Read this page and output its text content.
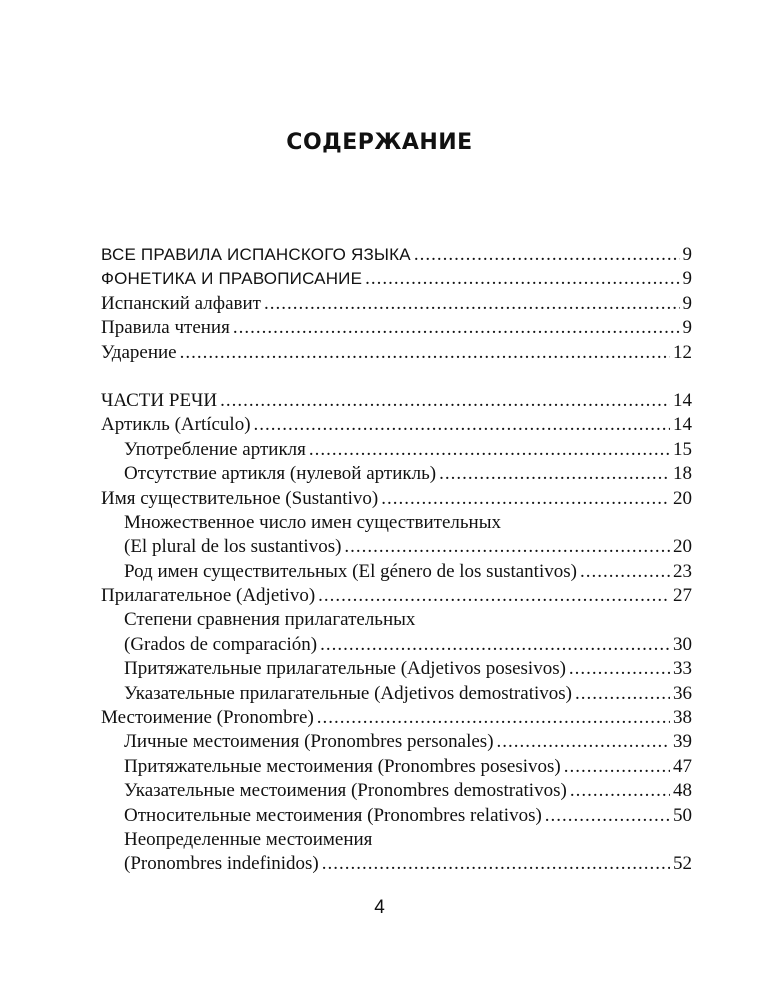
СОДЕРЖАНИЕ
ВСЕ ПРАВИЛА ИСПАНСКОГО ЯЗЫКА .....	9
ФОНЕТИКА И ПРАВОПИСАНИЕ .....	9
Испанский алфавит .....	9
Правила чтения .....	9
Ударение .....	12
ЧАСТИ РЕЧИ .....	14
Артикль (Artículo) .....	14
Употребление артикля .....	15
Отсутствие артикля (нулевой артикль) .....	18
Имя существительное (Sustantivo) .....	20
Множественное число имен существительных
(El plural de los sustantivos) .....	20
Род имен существительных (El género de los sustantivos) .....	23
Прилагательное (Adjetivo) .....	27
Степени сравнения прилагательных
(Grados de comparación) .....	30
Притяжательные прилагательные (Adjetivos posesivos) .....	33
Указательные прилагательные (Adjetivos demostrativos) .....	36
Местоимение (Pronombre) .....	38
Личные местоимения (Pronombres personales) .....	39
Притяжательные местоимения (Pronombres posesivos) .....	47
Указательные местоимения (Pronombres demostrativos) .....	48
Относительные местоимения (Pronombres relativos) .....	50
Неопределенные местоимения
(Pronombres indefinidos) .....	52
4
